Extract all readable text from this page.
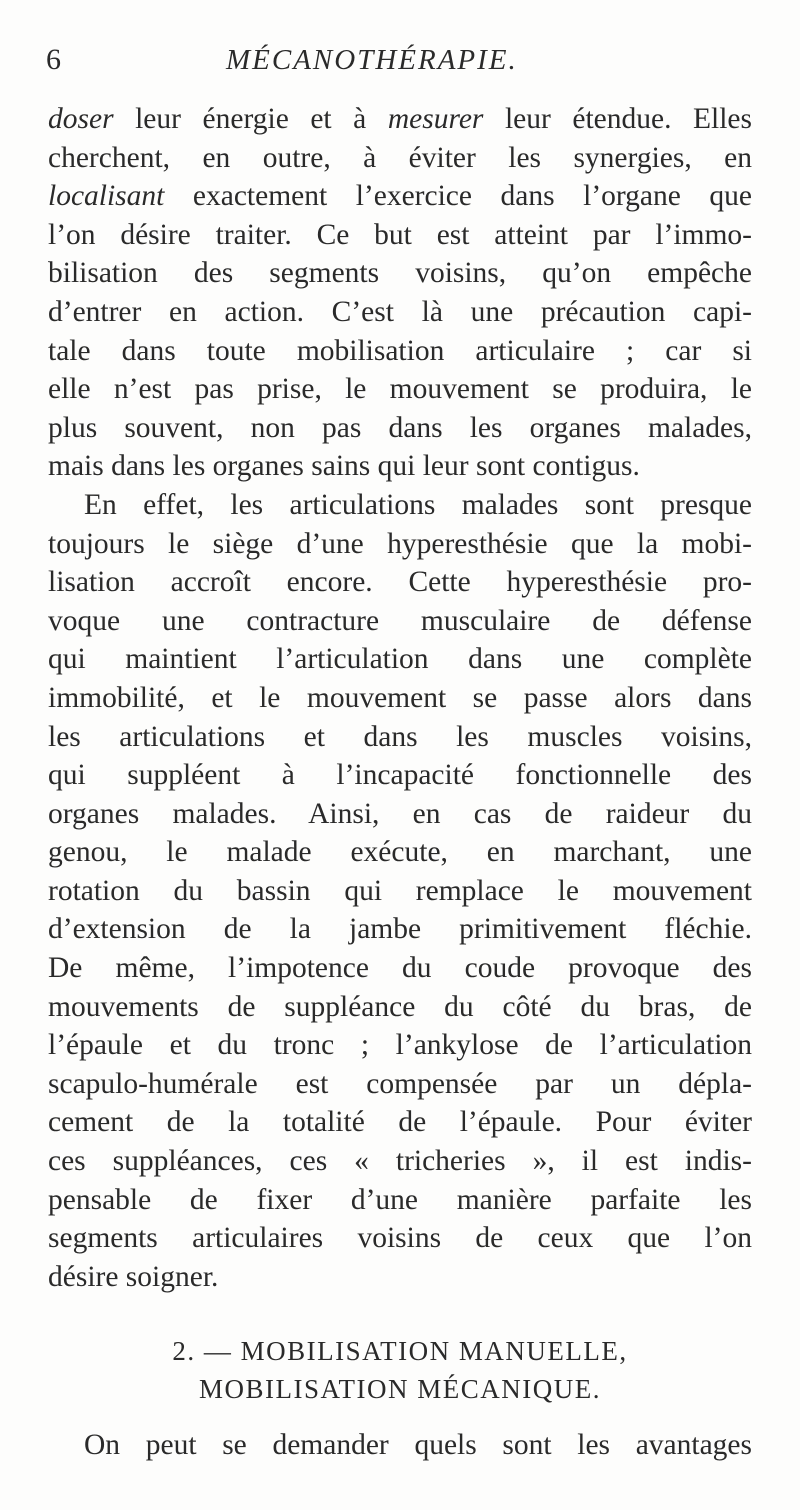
6	MÉCANOTHÉRAPIE.
doser leur énergie et à mesurer leur étendue. Elles
cherchent, en outre, à éviter les synergies, en
localisant exactement l’exercice dans l’organe que
l’on désire traiter. Ce but est atteint par l’immo-
bilisation des segments voisins, qu’on empêche
d’entrer en action. C’est là une précaution capi-
tale dans toute mobilisation articulaire ; car si
elle n’est pas prise, le mouvement se produira, le
plus souvent, non pas dans les organes malades,
mais dans les organes sains qui leur sont contigus.
En effet, les articulations malades sont presque
toujours le siège d’une hyperesthésie que la mobi-
lisation accroît encore. Cette hyperesthésie pro-
voque une contracture musculaire de défense
qui maintient l’articulation dans une complète
immobilité, et le mouvement se passe alors dans
les articulations et dans les muscles voisins,
qui suppléent à l’incapacité fonctionnelle des
organes malades. Ainsi, en cas de raideur du
genou, le malade exécute, en marchant, une
rotation du bassin qui remplace le mouvement
d’extension de la jambe primitivement fléchie.
De même, l’impotence du coude provoque des
mouvements de suppléance du côté du bras, de
l’épaule et du tronc ; l’ankylose de l’articulation
scapulo-humérale est compensée par un dépla-
cement de la totalité de l’épaule. Pour éviter
ces suppléances, ces « tricheries », il est indis-
pensable de fixer d’une manière parfaite les
segments articulaires voisins de ceux que l’on
désire soigner.
2. — MOBILISATION MANUELLE,
MOBILISATION MÉCANIQUE.
On peut se demander quels sont les avantages
